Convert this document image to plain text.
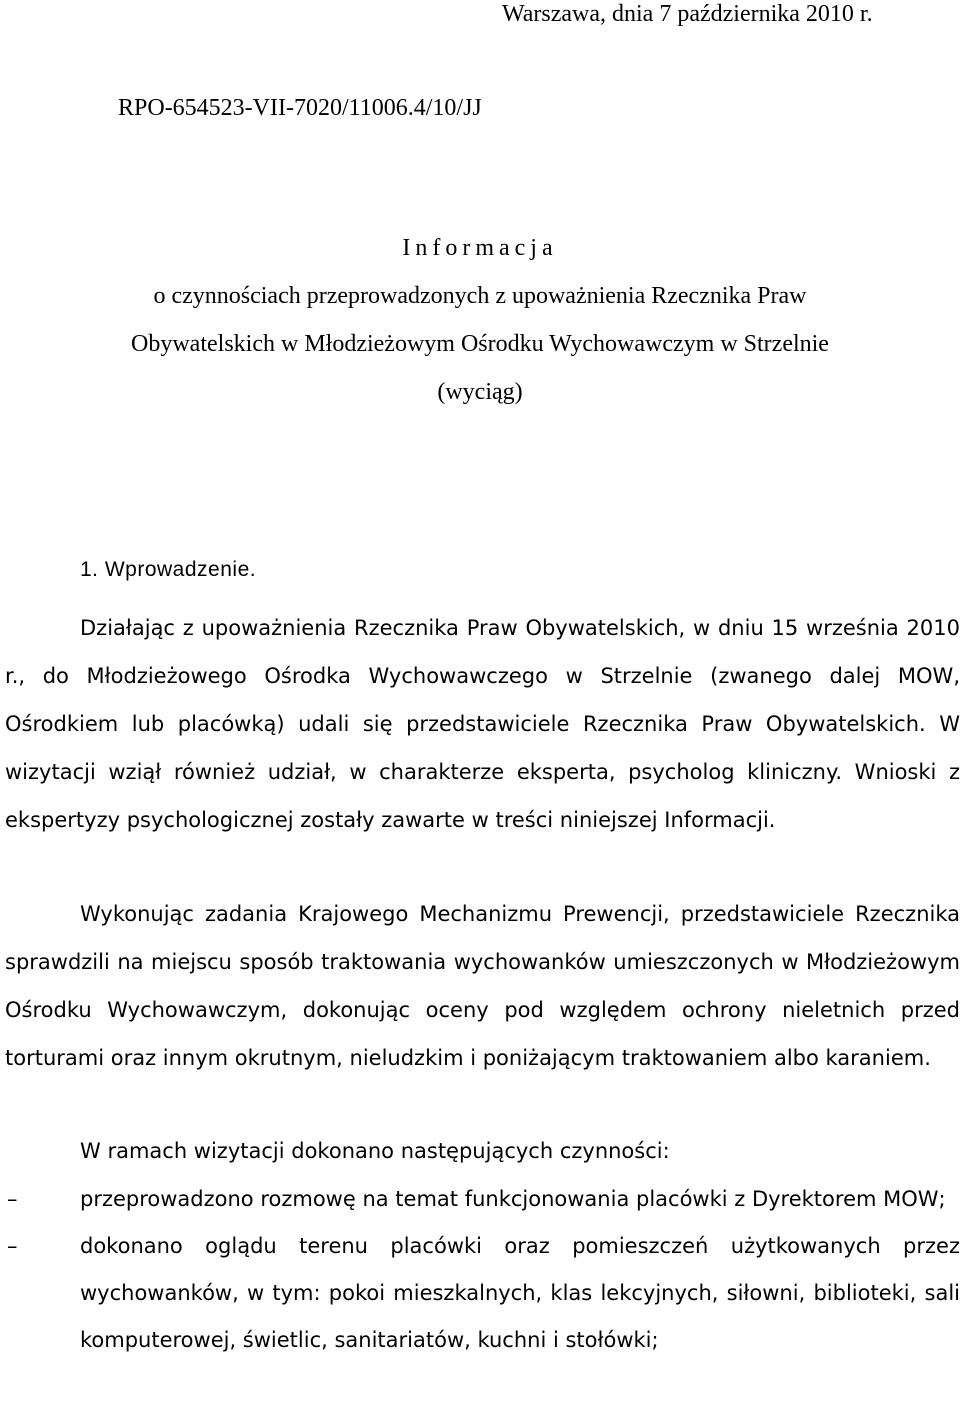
Warszawa, dnia 7 października 2010 r.
RPO-654523-VII-7020/11006.4/10/JJ
Informacja
o czynnościach przeprowadzonych z upoważnienia Rzecznika Praw
Obywatelskich w Młodzieżowym Ośrodku Wychowawczym w Strzelnie
(wyciąg)
1. Wprowadzenie.

Działając z upoważnienia Rzecznika Praw Obywatelskich, w dniu 15 września 2010 r., do Młodzieżowego Ośrodka Wychowawczego w Strzelnie (zwanego dalej MOW, Ośrodkiem lub placówką) udali się przedstawiciele Rzecznika Praw Obywatelskich. W wizytacji wziął również udział, w charakterze eksperta, psycholog kliniczny. Wnioski z ekspertyzy psychologicznej zostały zawarte w treści niniejszej Informacji.

Wykonując zadania Krajowego Mechanizmu Prewencji, przedstawiciele Rzecznika sprawdzili na miejscu sposób traktowania wychowanków umieszczonych w Młodzieżowym Ośrodku Wychowawczym, dokonując oceny pod względem ochrony nieletnich przed torturami oraz innym okrutnym, nieludzkim i poniżającym traktowaniem albo karaniem.

W ramach wizytacji dokonano następujących czynności:

–	przeprowadzono rozmowę na temat funkcjonowania placówki z Dyrektorem MOW;
–	dokonano oglądu terenu placówki oraz pomieszczeń użytkowanych przez wychowanków, w tym: pokoi mieszkalnych, klas lekcyjnych, siłowni, biblioteki, sali komputerowej, świetlic, sanitariatów, kuchni i stołówki;
